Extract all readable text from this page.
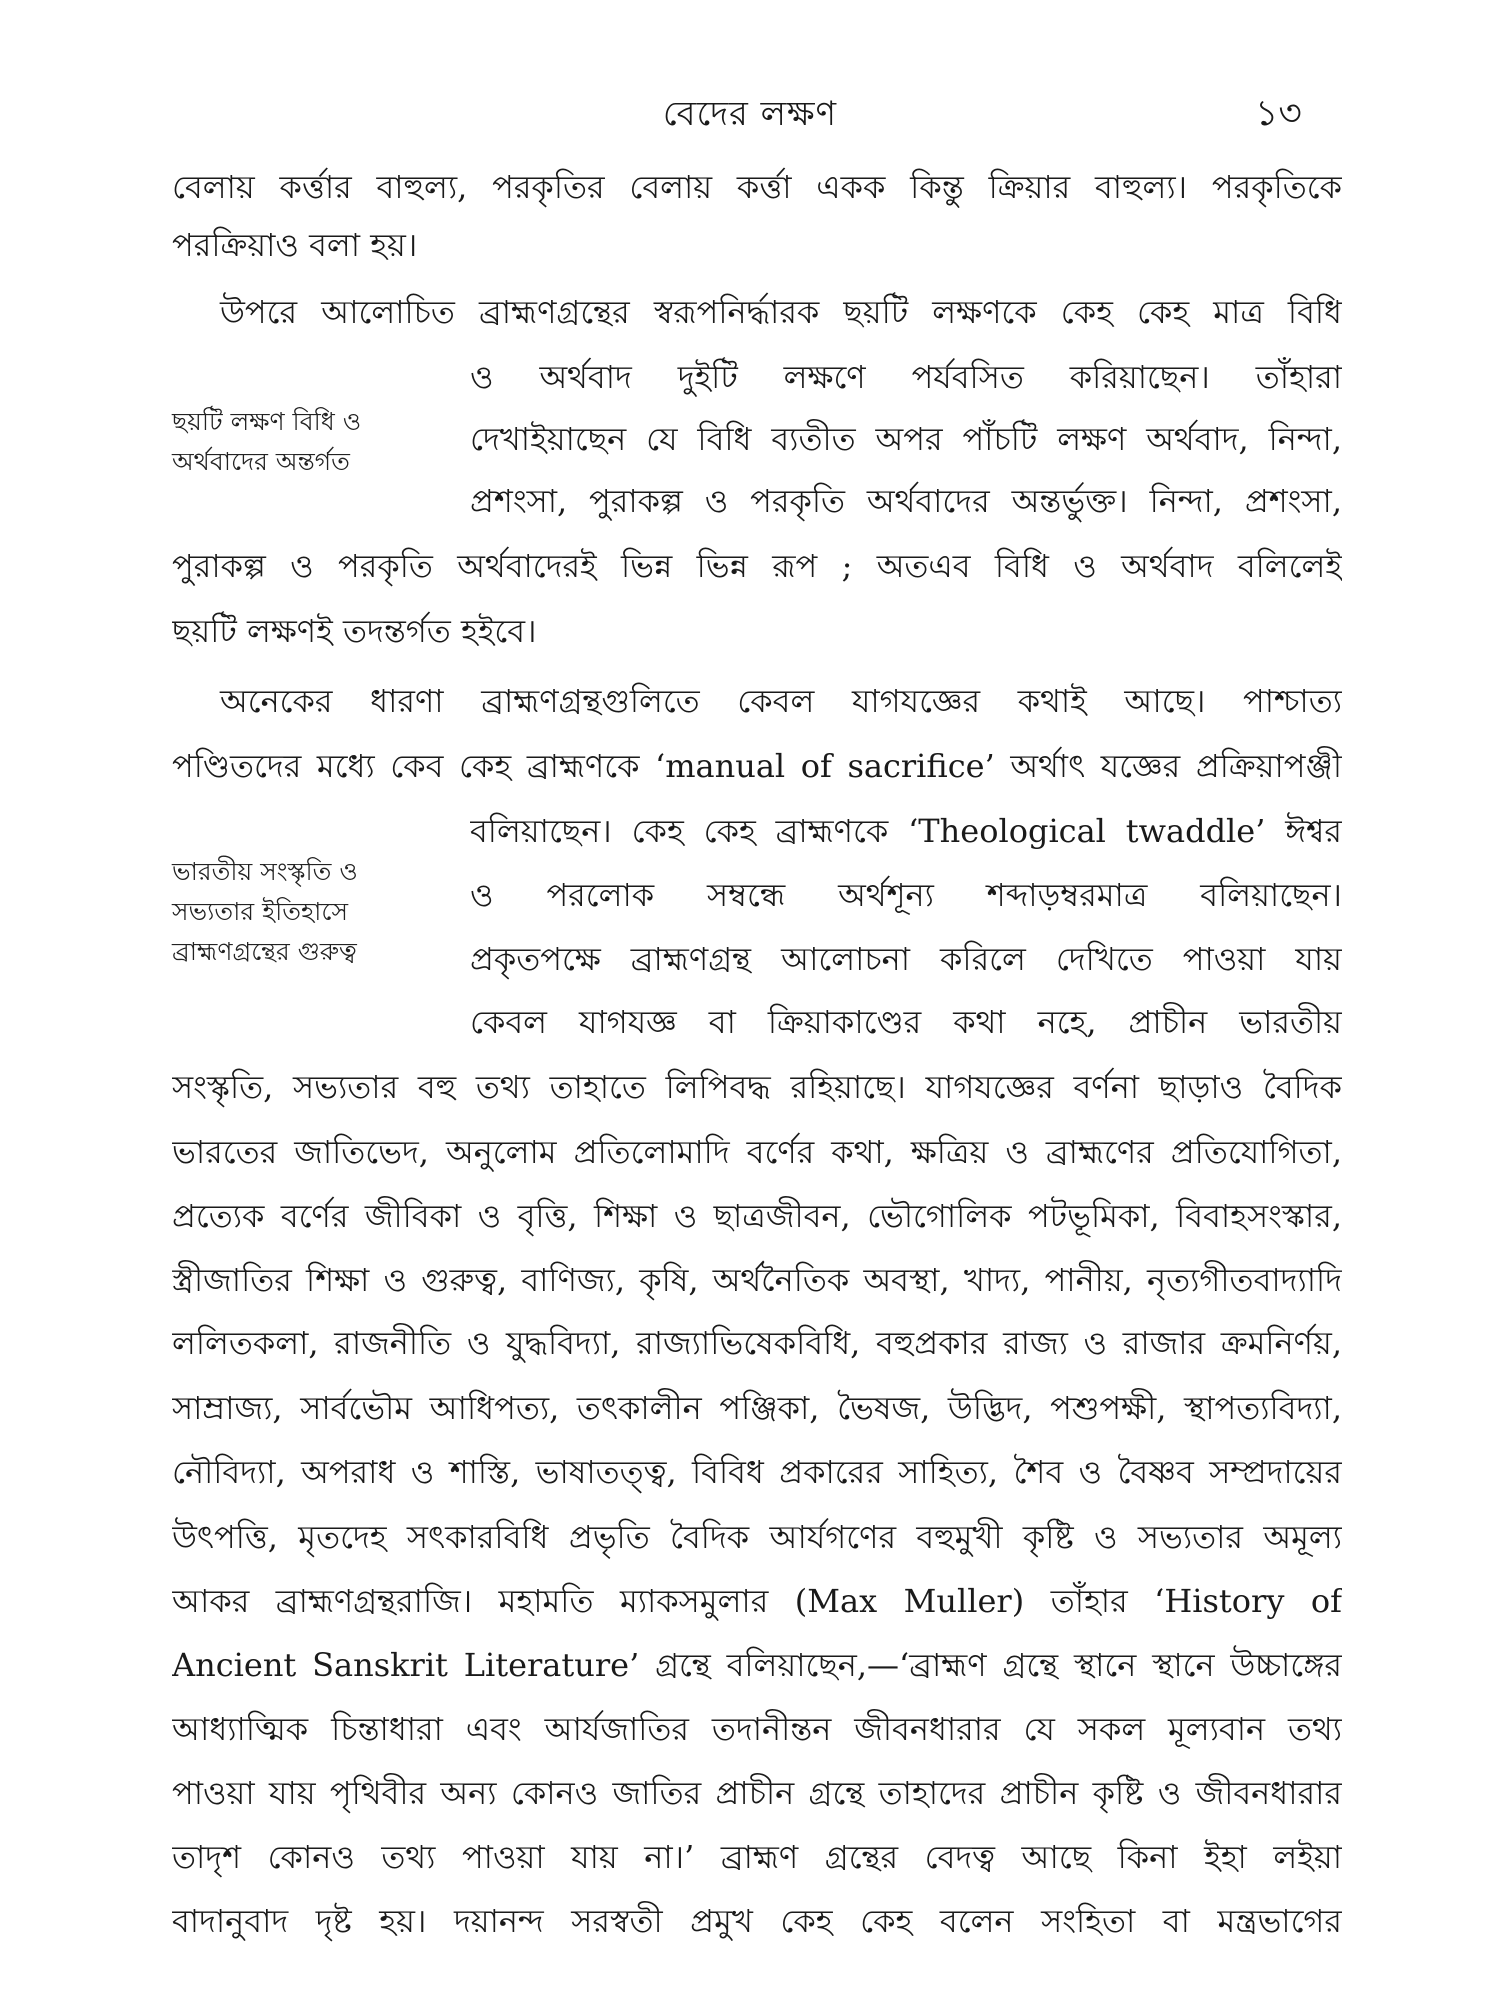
বেদের লক্ষণ	১৩
ছয়টি লক্ষণ বিধি ও অর্থবাদের অন্তর্গত
ভারতীয় সংস্কৃতি ও সভ্যতার ইতিহাসে ব্রাহ্মণগ্রন্থের গুরুত্ব

বেলায় কর্ত্তার বাহুল্য, পরকৃতির বেলায় কর্ত্তা একক কিন্তু ক্রিয়ার বাহুল্য। পরকৃতিকে

পরক্রিয়াও বলা হয়।

উপরে আলোচিত ব্রাহ্মণগ্রন্থের স্বরূপনির্দ্ধারক ছয়টি লক্ষণকে কেহ কেহ মাত্র বিধি

ও অর্থবাদ দুইটি লক্ষণে পর্যবসিত করিয়াছেন। তাঁহারা

দেখাইয়াছেন যে বিধি ব্যতীত অপর পাঁচটি লক্ষণ অর্থবাদ, নিন্দা,

প্রশংসা, পুরাকল্প ও পরকৃতি অর্থবাদের অন্তর্ভুক্ত। নিন্দা, প্রশংসা,

পুরাকল্প ও পরকৃতি অর্থবাদেরই ভিন্ন ভিন্ন রূপ ; অতএব বিধি ও অর্থবাদ বলিলেই

ছয়টি লক্ষণই তদন্তর্গত হইবে।

অনেকের ধারণা ব্রাহ্মণগ্রন্থগুলিতে কেবল যাগযজ্ঞের কথাই আছে। পাশ্চাত্য

পণ্ডিতদের মধ্যে কেব কেহ ব্রাহ্মণকে ‘manual of sacrifice’ অর্থাৎ যজ্ঞের প্রক্রিয়াপঞ্জী

বলিয়াছেন। কেহ কেহ ব্রাহ্মণকে ‘Theological twaddle’ ঈশ্বর

ও পরলোক সম্বন্ধে অর্থশূন্য শব্দাড়ম্বরমাত্র বলিয়াছেন।

প্রকৃতপক্ষে ব্রাহ্মণগ্রন্থ আলোচনা করিলে দেখিতে পাওয়া যায়

কেবল যাগযজ্ঞ বা ক্রিয়াকাণ্ডের কথা নহে, প্রাচীন ভারতীয়

সংস্কৃতি, সভ্যতার বহু তথ্য তাহাতে লিপিবদ্ধ রহিয়াছে। যাগযজ্ঞের বর্ণনা ছাড়াও বৈদিক

ভারতের জাতিভেদ, অনুলোম প্রতিলোমাদি বর্ণের কথা, ক্ষত্রিয় ও ব্রাহ্মণের প্রতিযোগিতা,

প্রত্যেক বর্ণের জীবিকা ও বৃত্তি, শিক্ষা ও ছাত্রজীবন, ভৌগোলিক পটভূমিকা, বিবাহসংস্কার,

স্ত্রীজাতির শিক্ষা ও গুরুত্ব, বাণিজ্য, কৃষি, অর্থনৈতিক অবস্থা, খাদ্য, পানীয়, নৃত্যগীতবাদ্যাদি

ললিতকলা, রাজনীতি ও যুদ্ধবিদ্যা, রাজ্যাভিষেকবিধি, বহুপ্রকার রাজ্য ও রাজার ক্রমনির্ণয়,

সাম্রাজ্য, সার্বভৌম আধিপত্য, তৎকালীন পঞ্জিকা, ভৈষজ, উদ্ভিদ, পশুপক্ষী, স্থাপত্যবিদ্যা,

নৌবিদ্যা, অপরাধ ও শাস্তি, ভাষাতত্ত্ব, বিবিধ প্রকারের সাহিত্য, শৈব ও বৈষ্ণব সম্প্রদায়ের

উৎপত্তি, মৃতদেহ সৎকারবিধি প্রভৃতি বৈদিক আর্যগণের বহুমুখী কৃষ্টি ও সভ্যতার অমূল্য

আকর ব্রাহ্মণগ্রন্থরাজি। মহামতি ম্যাকসমুলার (Max Muller) তাঁহার ‘History of

Ancient Sanskrit Literature’ গ্রন্থে বলিয়াছেন,—‘ব্রাহ্মণ গ্রন্থে স্থানে স্থানে উচ্চাঙ্গের

আধ্যাত্মিক চিন্তাধারা এবং আর্যজাতির তদানীন্তন জীবনধারার যে সকল মূল্যবান তথ্য

পাওয়া যায় পৃথিবীর অন্য কোনও জাতির প্রাচীন গ্রন্থে তাহাদের প্রাচীন কৃষ্টি ও জীবনধারার

তাদৃশ কোনও তথ্য পাওয়া যায় না।’ ব্রাহ্মণ গ্রন্থের বেদত্ব আছে কিনা ইহা লইয়া

বাদানুবাদ দৃষ্ট হয়। দয়ানন্দ সরস্বতী প্রমুখ কেহ কেহ বলেন সংহিতা বা মন্ত্রভাগের
